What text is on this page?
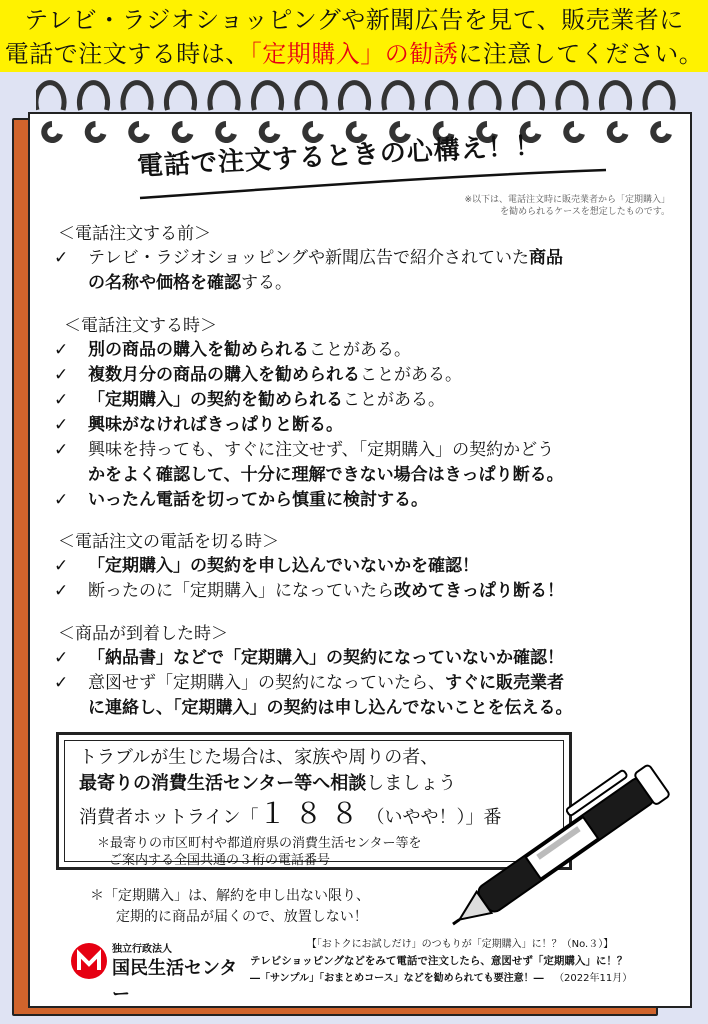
テレビ・ラジオショッピングや新聞広告を見て、販売業者に
電話で注文する時は、「定期購入」の勧誘に注意してください。
電話で注文するときの心構え！！
※以下は、電話注文時に販売業者から「定期購入」
を勧められるケースを想定したものです。
＜電話注文する前＞
✓	テレビ・ラジオショッピングや新聞広告で紹介されていた商品
の名称や価格を確認する。
＜電話注文する時＞
✓	別の商品の購入を勧められることがある。
✓	複数月分の商品の購入を勧められることがある。
✓	「定期購入」の契約を勧められることがある。
✓	興味がなければきっぱりと断る。
✓	興味を持っても、すぐに注文せず、「定期購入」の契約かどう
かをよく確認して、十分に理解できない場合はきっぱり断る。
✓	いったん電話を切ってから慎重に検討する。
＜電話注文の電話を切る時＞
✓	「定期購入」の契約を申し込んでいないかを確認！
✓	断ったのに「定期購入」になっていたら改めてきっぱり断る！
＜商品が到着した時＞
✓	「納品書」などで「定期購入」の契約になっていないか確認！
✓	意図せず「定期購入」の契約になっていたら、すぐに販売業者
に連絡し、「定期購入」の契約は申し込んでないことを伝える。
トラブルが生じた場合は、家族や周りの者、
最寄りの消費生活センター等へ相談しましょう
消費者ホットライン「１８８（いやや！）」番
＊最寄りの市区町村や都道府県の消費生活センター等を
ご案内する全国共通の３桁の電話番号
＊「定期購入」は、解約を申し出ない限り、
定期的に商品が届くので、放置しない！
独立行政法人
国民生活センター
【「おトクにお試しだけ」のつもりが「定期購入」に！？（No.３）】
テレビショッピングなどをみて電話で注文したら、意図せず「定期購入」に！？
―「サンプル」「おまとめコース」などを勧められても要注意！― （2022年11月）
